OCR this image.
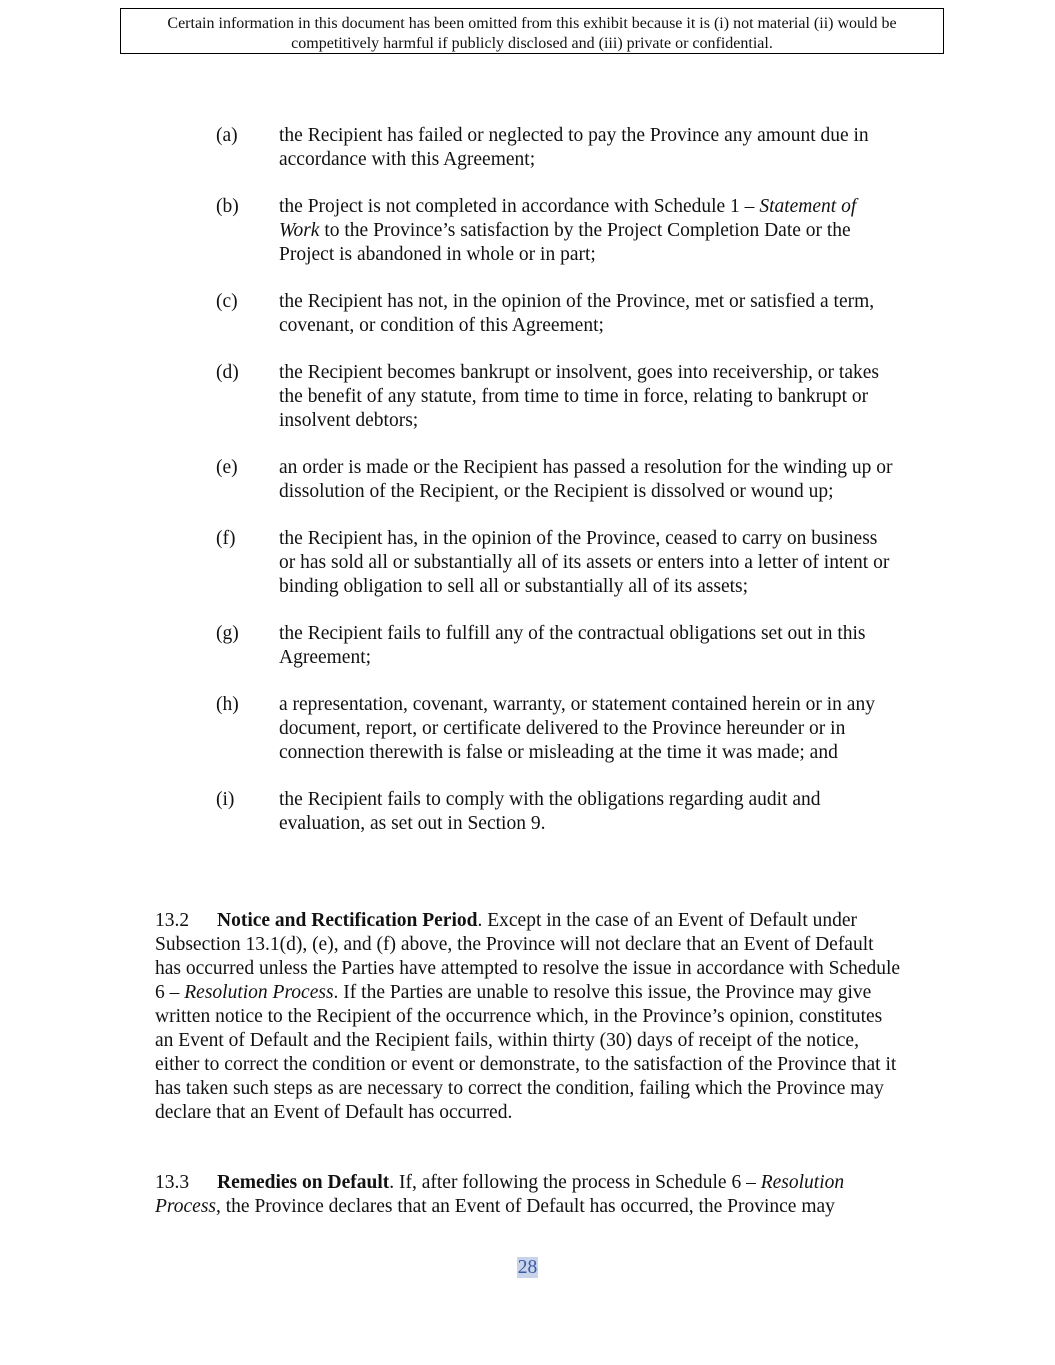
Certain information in this document has been omitted from this exhibit because it is (i) not material (ii) would be
competitively harmful if publicly disclosed and (iii) private or confidential.
(a) the Recipient has failed or neglected to pay the Province any amount due in accordance with this Agreement;
(b) the Project is not completed in accordance with Schedule 1 – Statement of Work to the Province’s satisfaction by the Project Completion Date or the Project is abandoned in whole or in part;
(c) the Recipient has not, in the opinion of the Province, met or satisfied a term, covenant, or condition of this Agreement;
(d) the Recipient becomes bankrupt or insolvent, goes into receivership, or takes the benefit of any statute, from time to time in force, relating to bankrupt or insolvent debtors;
(e) an order is made or the Recipient has passed a resolution for the winding up or dissolution of the Recipient, or the Recipient is dissolved or wound up;
(f) the Recipient has, in the opinion of the Province, ceased to carry on business or has sold all or substantially all of its assets or enters into a letter of intent or binding obligation to sell all or substantially all of its assets;
(g) the Recipient fails to fulfill any of the contractual obligations set out in this Agreement;
(h) a representation, covenant, warranty, or statement contained herein or in any document, report, or certificate delivered to the Province hereunder or in connection therewith is false or misleading at the time it was made; and
(i) the Recipient fails to comply with the obligations regarding audit and evaluation, as set out in Section 9.
13.2 Notice and Rectification Period. Except in the case of an Event of Default under Subsection 13.1(d), (e), and (f) above, the Province will not declare that an Event of Default has occurred unless the Parties have attempted to resolve the issue in accordance with Schedule 6 – Resolution Process. If the Parties are unable to resolve this issue, the Province may give written notice to the Recipient of the occurrence which, in the Province’s opinion, constitutes an Event of Default and the Recipient fails, within thirty (30) days of receipt of the notice, either to correct the condition or event or demonstrate, to the satisfaction of the Province that it has taken such steps as are necessary to correct the condition, failing which the Province may declare that an Event of Default has occurred.
13.3 Remedies on Default. If, after following the process in Schedule 6 – Resolution Process, the Province declares that an Event of Default has occurred, the Province may
28
